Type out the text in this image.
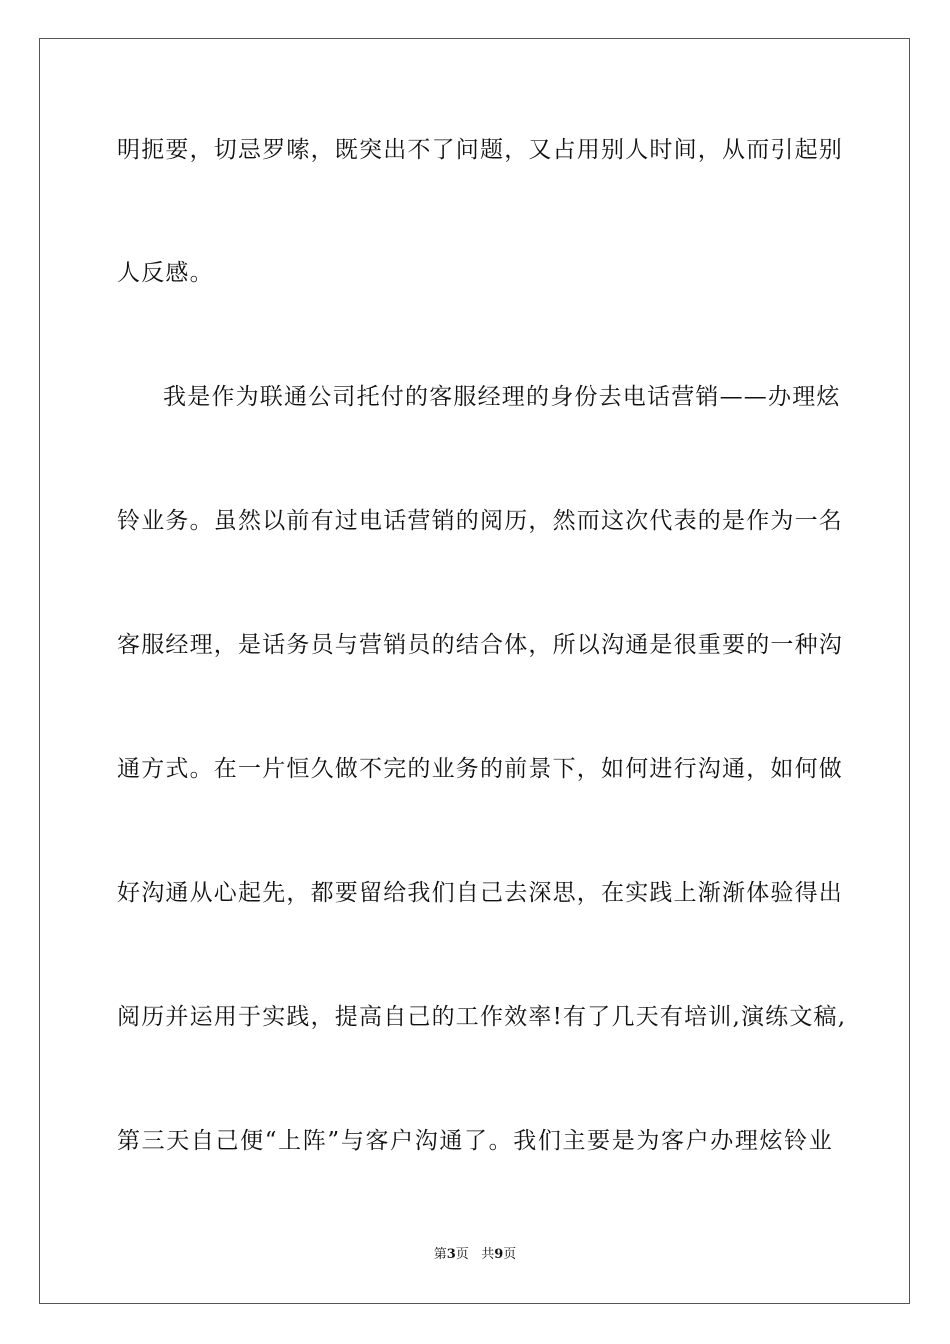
明扼要，切忌罗嗦，既突出不了问题，又占用别人时间，从而引起别
人反感。
我是作为联通公司托付的客服经理的身份去电话营销——办理炫
铃业务。虽然以前有过电话营销的阅历，然而这次代表的是作为一名
客服经理，是话务员与营销员的结合体，所以沟通是很重要的一种沟
通方式。在一片恒久做不完的业务的前景下，如何进行沟通，如何做
好沟通从心起先，都要留给我们自己去深思，在实践上渐渐体验得出
阅历并运用于实践，提高自己的工作效率!有了几天有培训,演练文稿,
第三天自己便“上阵”与客户沟通了。我们主要是为客户办理炫铃业
第3页 共9页
